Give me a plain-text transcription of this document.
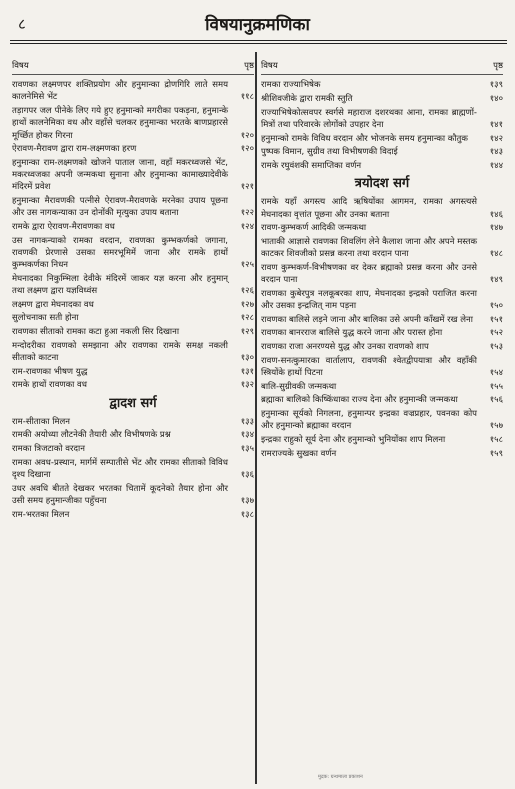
८	विषयानुक्रमणिका
विषय	पृष्ठ
रावणका लक्ष्मणपर शक्तिप्रयोग और हनुमान्का द्रोणगिरि लाते समय कालनेमिसे भेंट	११८
तड़ागपर जल पीनेके लिए गये हुए हनुमान्को मगरीका पकड़ना, हनुमान्के हाथों कालनेमिका वध और वहाँसे चलकर हनुमान्का भरतके बाणप्रहारसे मूर्च्छित होकर गिरना	१२०
ऐरावण-मैरावण द्वारा राम-लक्ष्मणका हरण	१२०
हनुमान्का राम-लक्ष्मणको खोजने पाताल जाना, वहाँ मकरध्वजसे भेंट, मकरध्वजका अपनी जन्मकथा सुनाना और हनुमान्का कामाख्यादेवीके मंदिरमें प्रवेश	१२१
हनुमान्का मैरावणकी पत्नीसे ऐरावण-मैरावणके मरनेका उपाय पूछना और उस नागकन्याका उन दोनोंकी मृत्युका उपाय बताना	१२२
रामके द्वारा ऐरावण-मैरावणका वध	१२४
उस नागकन्याको रामका वरदान, रावणका कुम्भकर्णको जगाना, रावणकी प्रेरणासे उसका समरभूमिमें जाना और रामके हाथों कुम्भकर्णका निधन	१२५
मेघनादका निकुम्भिला देवीके मंदिरमें जाकर यज्ञ करना और हनुमान् तथा लक्ष्मण द्वारा यज्ञविध्वंस	१२६
लक्ष्मण द्वारा मेघनादका वध	१२७
सुलोचनाका सती होना	१२८
रावणका सीताको रामका कटा हुआ नकली सिर दिखाना	१२९
मन्दोदरीका रावणको समझाना और रावणका रामके समक्ष नकली सीताको काटना	१३०
राम-रावणका भीषण युद्ध	१३१
रामके हाथों रावणका वध	१३२
द्वादश सर्ग
राम-सीताका मिलन	१३३
रामकी अयोध्या लौटनेकी तैयारी और विभीषणके प्रश्न	१३४
रामका त्रिजटाको वरदान	१३५
रामका अवध-प्रस्थान, मार्गमें सम्पातीसे भेंट और रामका सीताको विविध दृश्य दिखाना	१३६
उधर अवधि बीतते देखकर भरतका चितामें कूदनेको तैयार होना और उसी समय हनुमान्जीका पहुँचना	१३७
राम-भरतका मिलन	१३८
विषय	पृष्ठ
रामका राज्याभिषेक	१३९
श्रीशिवजीके द्वारा रामकी स्तुति	१४०
राज्याभिषेकोत्सवपर स्वर्गसे महाराज दशरथका आना, रामका ब्राह्मणों-मित्रों तथा परिवारके लोगोंको उपहार देना	१४१
हनुमान्को रामके विविध वरदान और भोजनके समय हनुमान्का कौतुक	१४२
पुष्पक विमान, सुग्रीव तथा विभीषणकी विदाई	१४३
रामके रघुवंशकी समाप्तिका वर्णन	१४४
त्रयोदश सर्ग
रामके यहाँ अगस्त्य आदि ऋषियोंका आगमन, रामका अगस्त्यसे मेघनादका वृत्तांत पूछना और उनका बताना	१४६
रावण-कुम्भकर्ण आदिकी जन्मकथा	१४७
भाताकी आज्ञासे रावणका शिवलिंग लेने कैलाश जाना और अपने मस्तक काटकर शिवजीको प्रसन्न करना तथा वरदान पाना	१४८
रावण कुम्भकर्ण-विभीषणका वर देकर ब्रह्माको प्रसन्न करना और उनसे वरदान पाना	१४९
रावणका कुबेरपुत्र नलकूबरका शाप, मेघनादका इन्द्रको पराजित करना और उसका इन्द्रजित् नाम पड़ना	१५०
रावणका बालिसे लड़ने जाना और बालिका उसे अपनी काँखमें रख लेना	१५१
रावणका बानरराज बालिसे युद्ध करने जाना और परास्त होना	१५२
रावणका राजा अनरण्यसे युद्ध और उनका रावणको शाप	१५३
रावण-सनत्कुमारका वार्तालाप, रावणकी श्वेतद्वीपयात्रा और वहाँकी स्त्रियोंके हाथों पिटना	१५४
बालि-सुग्रीवकी जन्मकथा	१५५
ब्रह्माका बालिको किष्किंधाका राज्य देना और हनुमान्की जन्मकथा	१५६
हनुमान्का सूर्यको निगलना, हनुमान्पर इन्द्रका वज्रप्रहार, पवनका कोप और हनुमान्को ब्रह्माका वरदान	१५७
इन्द्रका राहुको सूर्य देना और हनुमान्को भुनियोंका शाप मिलना	१५८
रामराज्यके सुखका वर्णन	१५९
मुद्रक: ग्रन्थमाला प्रकाशन
